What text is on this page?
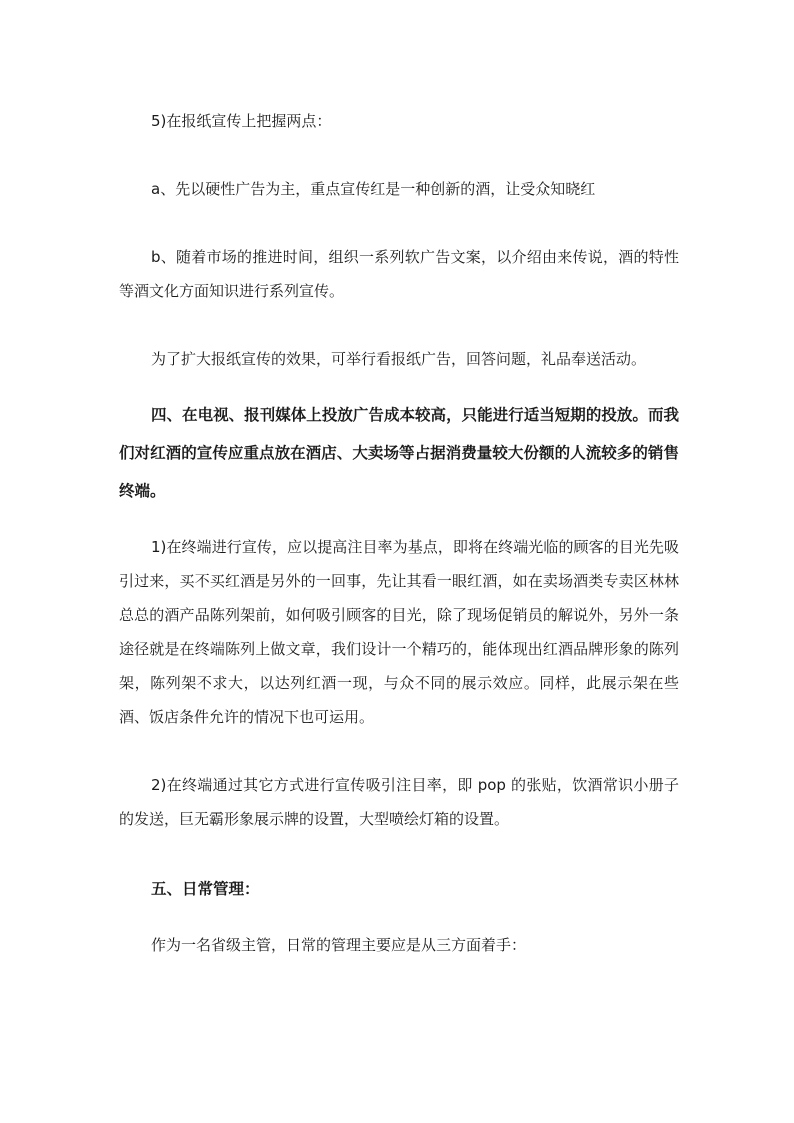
5)在报纸宣传上把握两点：

a、先以硬性广告为主，重点宣传红是一种创新的酒，让受众知晓红

b、随着市场的推进时间，组织一系列软广告文案，以介绍由来传说，酒的特性等酒文化方面知识进行系列宣传。

为了扩大报纸宣传的效果，可举行看报纸广告，回答问题，礼品奉送活动。

四、在电视、报刊媒体上投放广告成本较高，只能进行适当短期的投放。而我们对红酒的宣传应重点放在酒店、大卖场等占据消费量较大份额的人流较多的销售终端。

1)在终端进行宣传，应以提高注目率为基点，即将在终端光临的顾客的目光先吸引过来，买不买红酒是另外的一回事，先让其看一眼红酒，如在卖场酒类专卖区林林总总的酒产品陈列架前，如何吸引顾客的目光，除了现场促销员的解说外，另外一条途径就是在终端陈列上做文章，我们设计一个精巧的，能体现出红酒品牌形象的陈列架，陈列架不求大，以达列红酒一现，与众不同的展示效应。同样，此展示架在些酒、饭店条件允许的情况下也可运用。

2)在终端通过其它方式进行宣传吸引注目率，即 pop 的张贴，饮酒常识小册子的发送，巨无霸形象展示牌的设置，大型喷绘灯箱的设置。

五、日常管理：

作为一名省级主管，日常的管理主要应是从三方面着手：
